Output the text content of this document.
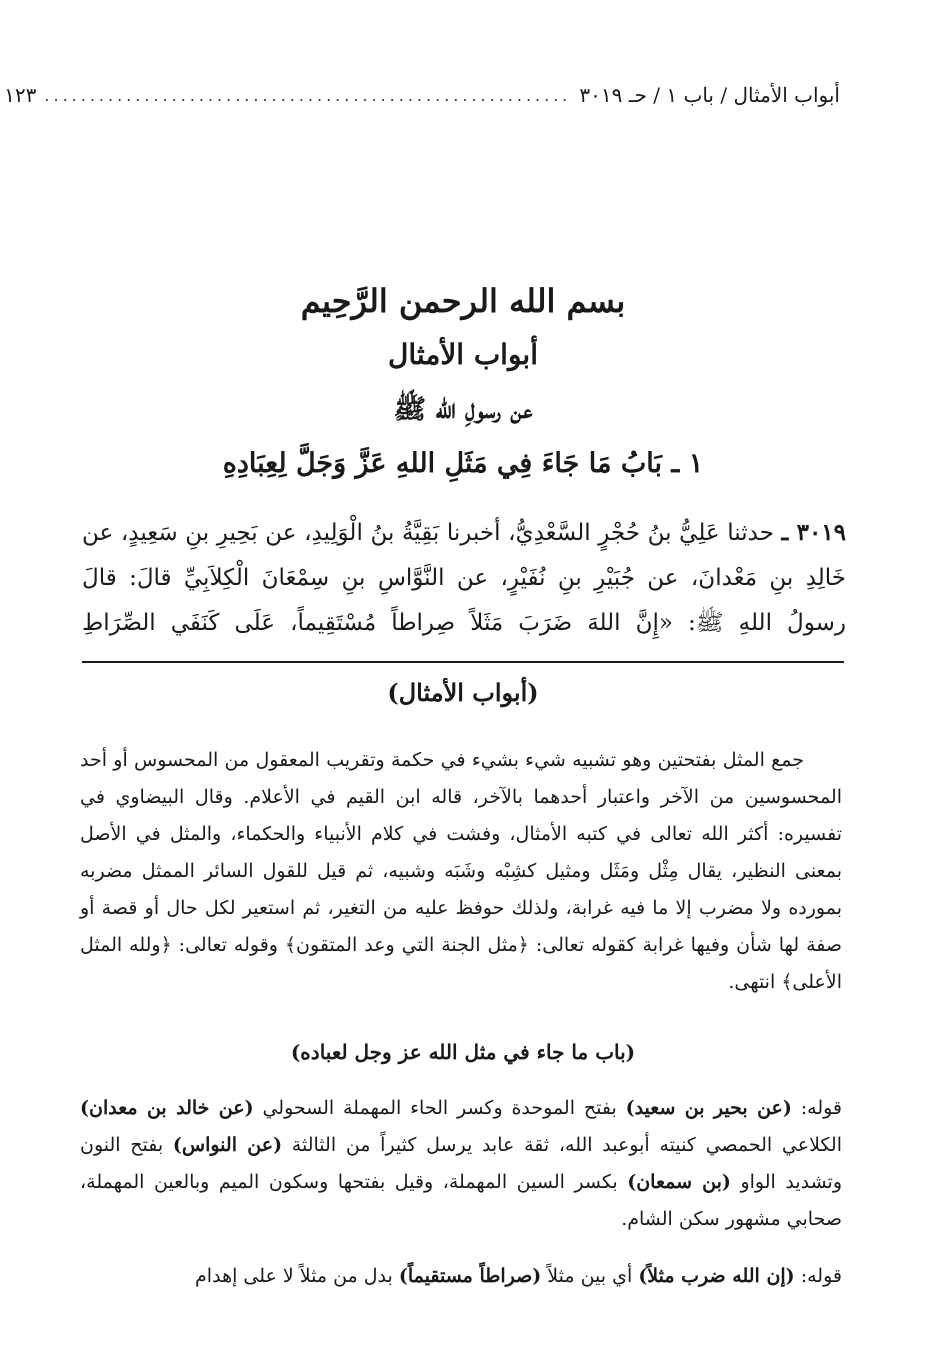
أبواب الأمثال / باب ١ / حـ ٣٠١٩
..........................................................
١٢٣
بسم الله الرحمن الرَّحِيم
أبواب الأمثال
عن رسولِ الله ﷺ
١ ـ بَابُ مَا جَاءَ فِي مَثَلِ اللهِ عَزَّ وَجَلَّ لِعِبَادِهِ
٣٠١٩ ـ حدثنا عَلِيُّ بنُ حُجْرٍ السَّعْدِيُّ، أخبرنا بَقِيَّةُ بنُ الْوَلِيدِ، عن بَحِيرِ بنِ سَعِيدٍ، عن خَالِدِ بنِ مَعْدانَ، عن جُبَيْرِ بنِ نُفَيْرٍ، عن النَّوَّاسِ بنِ سِمْعَانَ الْكِلاَبِيِّ قالَ: قالَ رسولُ اللهِ ﷺ: «إِنَّ اللهَ ضَرَبَ مَثَلاً صِراطاً مُسْتَقِيماً، عَلَى كَنَفَي الصِّرَاطِ
(أبواب الأمثال)
جمع المثل بفتحتين وهو تشبيه شيء بشيء في حكمة وتقريب المعقول من المحسوس أو أحد المحسوسين من الآخر واعتبار أحدهما بالآخر، قاله ابن القيم في الأعلام. وقال البيضاوي في تفسيره: أكثر الله تعالى في كتبه الأمثال، وفشت في كلام الأنبياء والحكماء، والمثل في الأصل بمعنى النظير، يقال مِثْل ومَثَل ومثيل كشِبْه وشَبَه وشبيه، ثم قيل للقول السائر الممثل مضربه بمورده ولا مضرب إلا ما فيه غرابة، ولذلك حوفظ عليه من التغير، ثم استعير لكل حال أو قصة أو صفة لها شأن وفيها غرابة كقوله تعالى: ﴿مثل الجنة التي وعد المتقون﴾ وقوله تعالى: ﴿ولله المثل الأعلى﴾ انتهى.
(باب ما جاء في مثل الله عز وجل لعباده)
قوله: (عن بحير بن سعيد) بفتح الموحدة وكسر الحاء المهملة السحولي (عن خالد بن معدان) الكلاعي الحمصي كنيته أبوعبد الله، ثقة عابد يرسل كثيراً من الثالثة (عن النواس) بفتح النون وتشديد الواو (بن سمعان) بكسر السين المهملة، وقيل بفتحها وسكون الميم وبالعين المهملة، صحابي مشهور سكن الشام.
قوله: (إن الله ضرب مثلاً) أي بين مثلاً (صراطاً مستقيماً) بدل من مثلاً لا على إهدام
